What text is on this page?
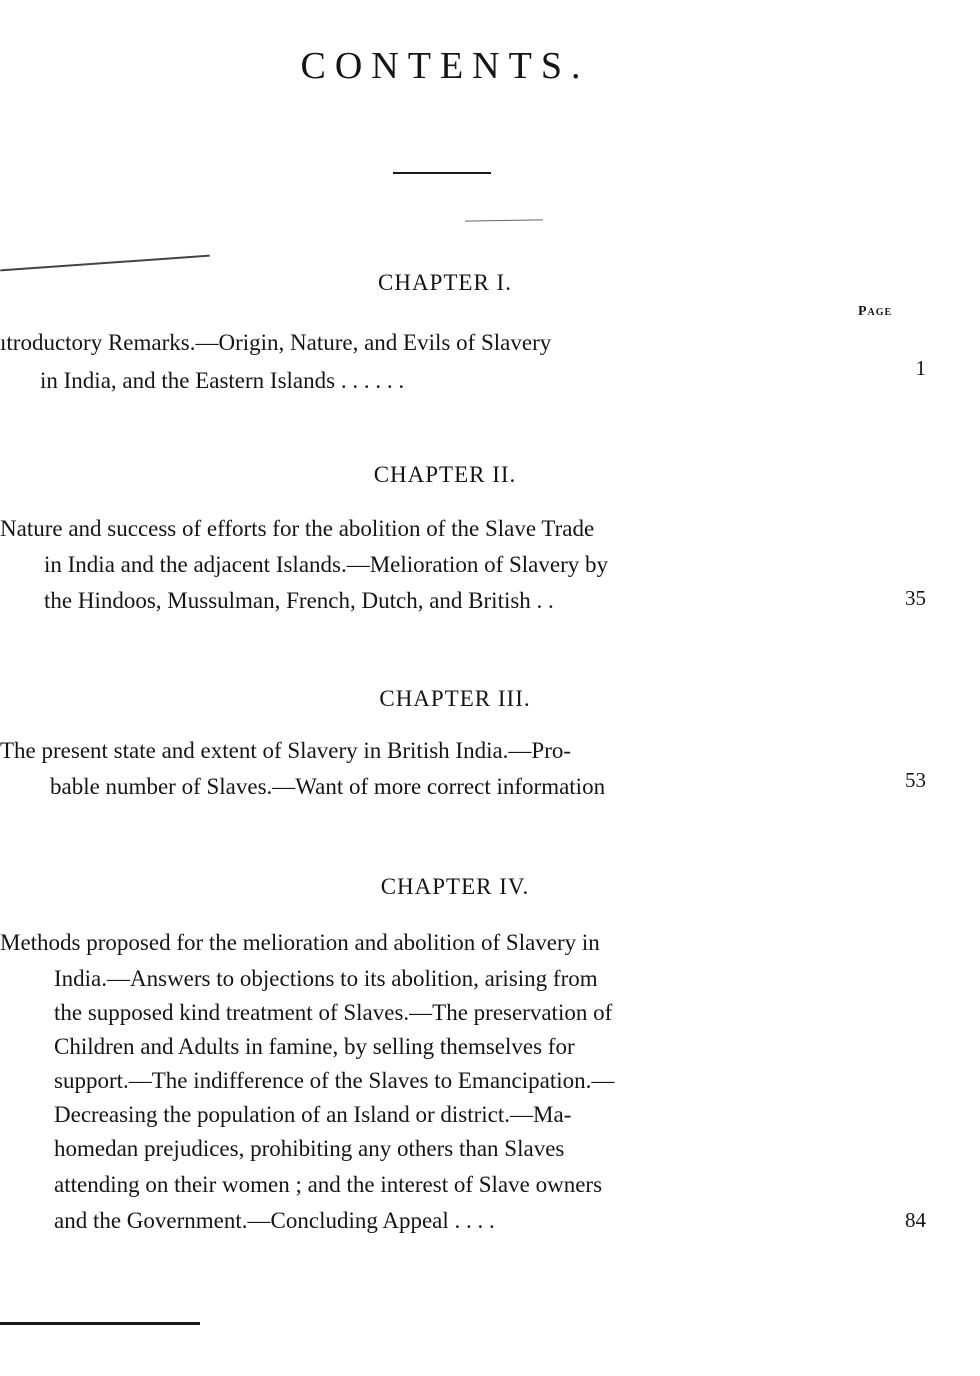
CONTENTS.
CHAPTER I.
Page
ıtroductory Remarks.—Origin, Nature, and Evils of Slavery
in India, and the Eastern Islands . . . . . .	1
CHAPTER II.
Nature and success of efforts for the abolition of the Slave Trade
in India and the adjacent Islands.—Melioration of Slavery by
the Hindoos, Mussulman, French, Dutch, and British . .	35
CHAPTER III.
The present state and extent of Slavery in British India.—Pro-
bable number of Slaves.—Want of more correct information	53
CHAPTER IV.
Methods proposed for the melioration and abolition of Slavery in
India.—Answers to objections to its abolition, arising from
the supposed kind treatment of Slaves.—The preservation of
Children and Adults in famine, by selling themselves for
support.—The indifference of the Slaves to Emancipation.—
Decreasing the population of an Island or district.—Ma-
homedan prejudices, prohibiting any others than Slaves
attending on their women ; and the interest of Slave owners
and the Government.—Concluding Appeal . . . .	84
